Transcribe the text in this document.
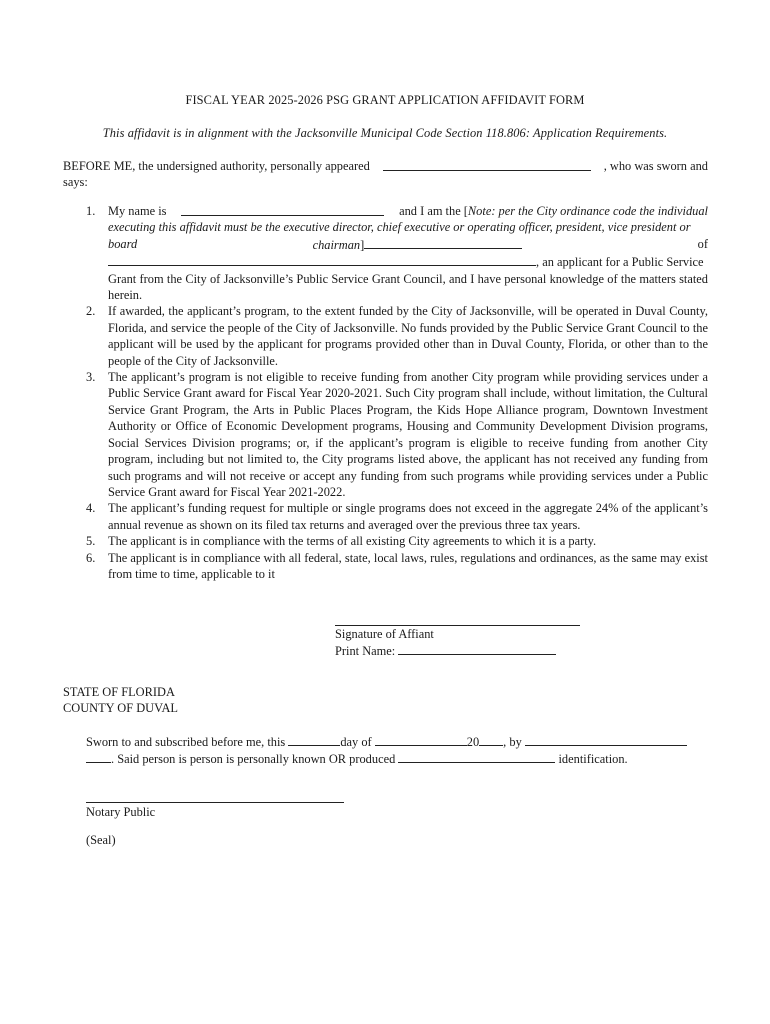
FISCAL YEAR 2025-2026 PSG GRANT APPLICATION AFFIDAVIT FORM
This affidavit is in alignment with the Jacksonville Municipal Code Section 118.806: Application Requirements.
BEFORE ME, the undersigned authority, personally appeared	, who was sworn and
says:
1. My name is	and I am the [Note: per the City ordinance code the individual
executing this affidavit must be the executive director, chief executive or operating officer, president, vice president or
board	chairman]	of
, an applicant for a Public Service
Grant from the City of Jacksonville’s Public Service Grant Council, and I have personal knowledge of the matters stated herein.
2. If awarded, the applicant’s program, to the extent funded by the City of Jacksonville, will be operated in Duval County, Florida, and service the people of the City of Jacksonville. No funds provided by the Public Service Grant Council to the applicant will be used by the applicant for programs provided other than in Duval County, Florida, or other than to the people of the City of Jacksonville.
3. The applicant’s program is not eligible to receive funding from another City program while providing services under a Public Service Grant award for Fiscal Year 2020-2021. Such City program shall include, without limitation, the Cultural Service Grant Program, the Arts in Public Places Program, the Kids Hope Alliance program, Downtown Investment Authority or Office of Economic Development programs, Housing and Community Development Division programs, Social Services Division programs; or, if the applicant’s program is eligible to receive funding from another City program, including but not limited to, the City programs listed above, the applicant has not received any funding from such programs and will not receive or accept any funding from such programs while providing services under a Public Service Grant award for Fiscal Year 2021-2022.
4. The applicant’s funding request for multiple or single programs does not exceed in the aggregate 24% of the applicant’s annual revenue as shown on its filed tax returns and averaged over the previous three tax years.
5. The applicant is in compliance with the terms of all existing City agreements to which it is a party.
6. The applicant is in compliance with all federal, state, local laws, rules, regulations and ordinances, as the same may exist from time to time, applicable to it
Signature of Affiant
Print Name:
STATE OF FLORIDA
COUNTY OF DUVAL
Sworn to and subscribed before me, this	day of	20 , by
. Said person is person is personally known OR produced	identification.
Notary Public
(Seal)
